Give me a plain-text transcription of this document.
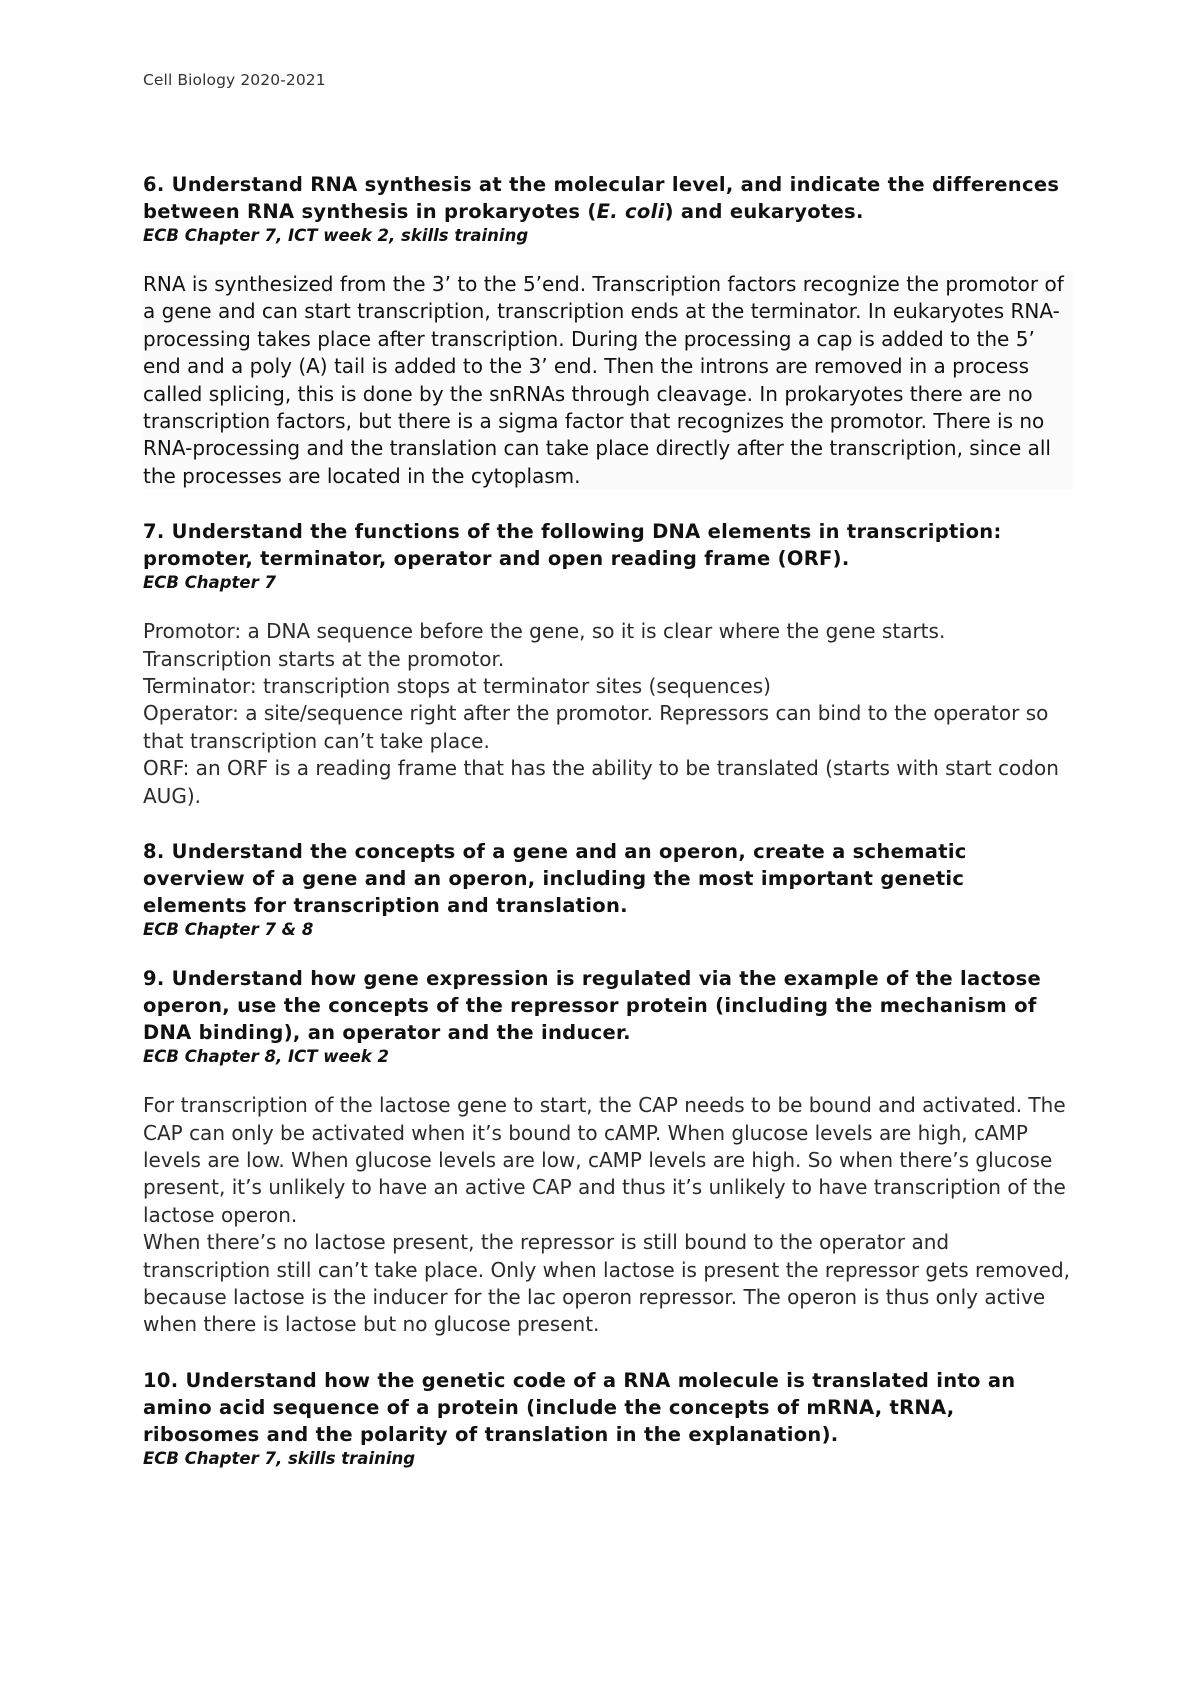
Cell Biology 2020-2021

6. Understand RNA synthesis at the molecular level, and indicate the differences between RNA synthesis in prokaryotes (E. coli) and eukaryotes.

ECB Chapter 7, ICT week 2, skills training

RNA is synthesized from the 3’ to the 5’end. Transcription factors recognize the promotor of a gene and can start transcription, transcription ends at the terminator. In eukaryotes RNA-processing takes place after transcription. During the processing a cap is added to the 5’ end and a poly (A) tail is added to the 3’ end. Then the introns are removed in a process called splicing, this is done by the snRNAs through cleavage. In prokaryotes there are no transcription factors, but there is a sigma factor that recognizes the promotor. There is no RNA-processing and the translation can take place directly after the transcription, since all the processes are located in the cytoplasm.

7. Understand the functions of the following DNA elements in transcription: promoter, terminator, operator and open reading frame (ORF).

ECB Chapter 7

Promotor: a DNA sequence before the gene, so it is clear where the gene starts. Transcription starts at the promotor.
Terminator: transcription stops at terminator sites (sequences)
Operator: a site/sequence right after the promotor. Repressors can bind to the operator so that transcription can’t take place.
ORF: an ORF is a reading frame that has the ability to be translated (starts with start codon AUG).

8. Understand the concepts of a gene and an operon, create a schematic overview of a gene and an operon, including the most important genetic elements for transcription and translation.

ECB Chapter 7 & 8

9. Understand how gene expression is regulated via the example of the lactose operon, use the concepts of the repressor protein (including the mechanism of DNA binding), an operator and the inducer.

ECB Chapter 8, ICT week 2

For transcription of the lactose gene to start, the CAP needs to be bound and activated. The CAP can only be activated when it’s bound to cAMP. When glucose levels are high, cAMP levels are low. When glucose levels are low, cAMP levels are high. So when there’s glucose present, it’s unlikely to have an active CAP and thus it’s unlikely to have transcription of the lactose operon.
When there’s no lactose present, the repressor is still bound to the operator and transcription still can’t take place. Only when lactose is present the repressor gets removed, because lactose is the inducer for the lac operon repressor. The operon is thus only active when there is lactose but no glucose present.

10. Understand how the genetic code of a RNA molecule is translated into an amino acid sequence of a protein (include the concepts of mRNA, tRNA, ribosomes and the polarity of translation in the explanation).

ECB Chapter 7, skills training
